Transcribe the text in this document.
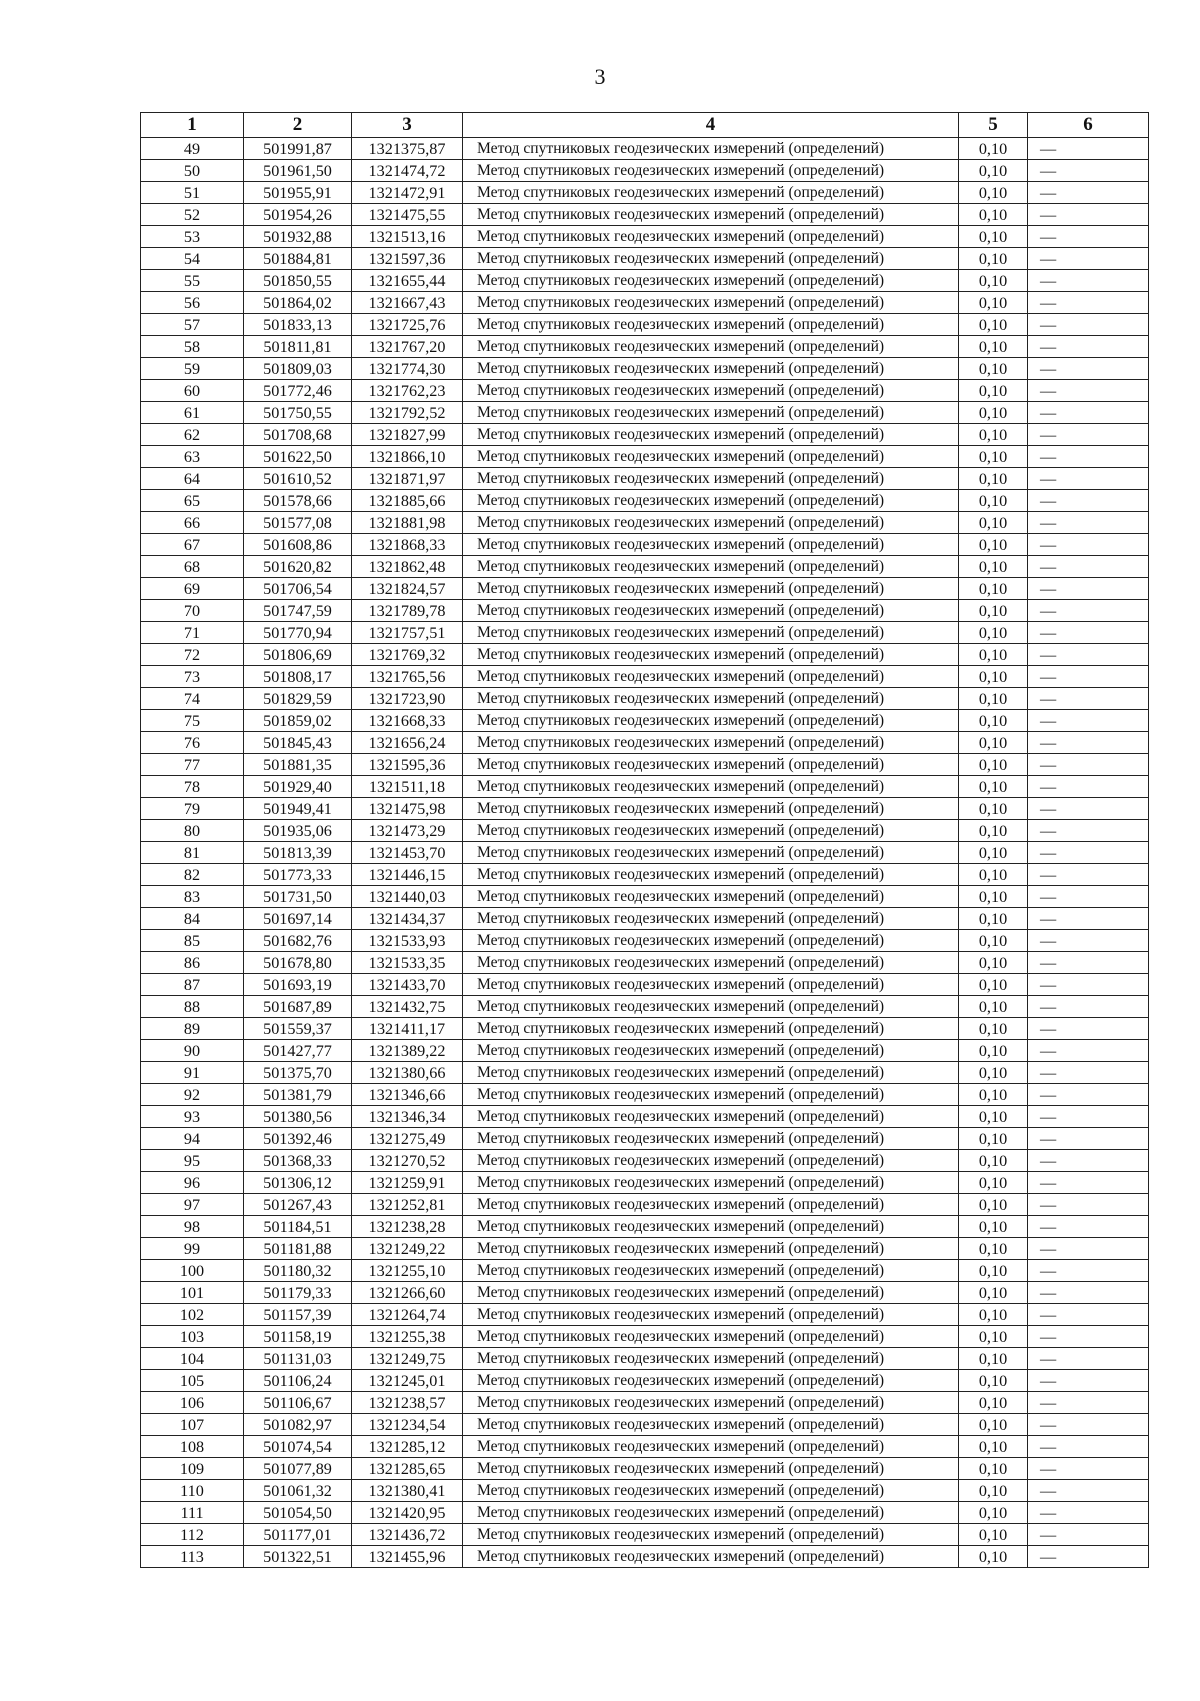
3
1	2	3	4	5	6
49	501991,87	1321375,87	Метод спутниковых геодезических измерений (определений)	0,10	—
50	501961,50	1321474,72	Метод спутниковых геодезических измерений (определений)	0,10	—
51	501955,91	1321472,91	Метод спутниковых геодезических измерений (определений)	0,10	—
52	501954,26	1321475,55	Метод спутниковых геодезических измерений (определений)	0,10	—
53	501932,88	1321513,16	Метод спутниковых геодезических измерений (определений)	0,10	—
54	501884,81	1321597,36	Метод спутниковых геодезических измерений (определений)	0,10	—
55	501850,55	1321655,44	Метод спутниковых геодезических измерений (определений)	0,10	—
56	501864,02	1321667,43	Метод спутниковых геодезических измерений (определений)	0,10	—
57	501833,13	1321725,76	Метод спутниковых геодезических измерений (определений)	0,10	—
58	501811,81	1321767,20	Метод спутниковых геодезических измерений (определений)	0,10	—
59	501809,03	1321774,30	Метод спутниковых геодезических измерений (определений)	0,10	—
60	501772,46	1321762,23	Метод спутниковых геодезических измерений (определений)	0,10	—
61	501750,55	1321792,52	Метод спутниковых геодезических измерений (определений)	0,10	—
62	501708,68	1321827,99	Метод спутниковых геодезических измерений (определений)	0,10	—
63	501622,50	1321866,10	Метод спутниковых геодезических измерений (определений)	0,10	—
64	501610,52	1321871,97	Метод спутниковых геодезических измерений (определений)	0,10	—
65	501578,66	1321885,66	Метод спутниковых геодезических измерений (определений)	0,10	—
66	501577,08	1321881,98	Метод спутниковых геодезических измерений (определений)	0,10	—
67	501608,86	1321868,33	Метод спутниковых геодезических измерений (определений)	0,10	—
68	501620,82	1321862,48	Метод спутниковых геодезических измерений (определений)	0,10	—
69	501706,54	1321824,57	Метод спутниковых геодезических измерений (определений)	0,10	—
70	501747,59	1321789,78	Метод спутниковых геодезических измерений (определений)	0,10	—
71	501770,94	1321757,51	Метод спутниковых геодезических измерений (определений)	0,10	—
72	501806,69	1321769,32	Метод спутниковых геодезических измерений (определений)	0,10	—
73	501808,17	1321765,56	Метод спутниковых геодезических измерений (определений)	0,10	—
74	501829,59	1321723,90	Метод спутниковых геодезических измерений (определений)	0,10	—
75	501859,02	1321668,33	Метод спутниковых геодезических измерений (определений)	0,10	—
76	501845,43	1321656,24	Метод спутниковых геодезических измерений (определений)	0,10	—
77	501881,35	1321595,36	Метод спутниковых геодезических измерений (определений)	0,10	—
78	501929,40	1321511,18	Метод спутниковых геодезических измерений (определений)	0,10	—
79	501949,41	1321475,98	Метод спутниковых геодезических измерений (определений)	0,10	—
80	501935,06	1321473,29	Метод спутниковых геодезических измерений (определений)	0,10	—
81	501813,39	1321453,70	Метод спутниковых геодезических измерений (определений)	0,10	—
82	501773,33	1321446,15	Метод спутниковых геодезических измерений (определений)	0,10	—
83	501731,50	1321440,03	Метод спутниковых геодезических измерений (определений)	0,10	—
84	501697,14	1321434,37	Метод спутниковых геодезических измерений (определений)	0,10	—
85	501682,76	1321533,93	Метод спутниковых геодезических измерений (определений)	0,10	—
86	501678,80	1321533,35	Метод спутниковых геодезических измерений (определений)	0,10	—
87	501693,19	1321433,70	Метод спутниковых геодезических измерений (определений)	0,10	—
88	501687,89	1321432,75	Метод спутниковых геодезических измерений (определений)	0,10	—
89	501559,37	1321411,17	Метод спутниковых геодезических измерений (определений)	0,10	—
90	501427,77	1321389,22	Метод спутниковых геодезических измерений (определений)	0,10	—
91	501375,70	1321380,66	Метод спутниковых геодезических измерений (определений)	0,10	—
92	501381,79	1321346,66	Метод спутниковых геодезических измерений (определений)	0,10	—
93	501380,56	1321346,34	Метод спутниковых геодезических измерений (определений)	0,10	—
94	501392,46	1321275,49	Метод спутниковых геодезических измерений (определений)	0,10	—
95	501368,33	1321270,52	Метод спутниковых геодезических измерений (определений)	0,10	—
96	501306,12	1321259,91	Метод спутниковых геодезических измерений (определений)	0,10	—
97	501267,43	1321252,81	Метод спутниковых геодезических измерений (определений)	0,10	—
98	501184,51	1321238,28	Метод спутниковых геодезических измерений (определений)	0,10	—
99	501181,88	1321249,22	Метод спутниковых геодезических измерений (определений)	0,10	—
100	501180,32	1321255,10	Метод спутниковых геодезических измерений (определений)	0,10	—
101	501179,33	1321266,60	Метод спутниковых геодезических измерений (определений)	0,10	—
102	501157,39	1321264,74	Метод спутниковых геодезических измерений (определений)	0,10	—
103	501158,19	1321255,38	Метод спутниковых геодезических измерений (определений)	0,10	—
104	501131,03	1321249,75	Метод спутниковых геодезических измерений (определений)	0,10	—
105	501106,24	1321245,01	Метод спутниковых геодезических измерений (определений)	0,10	—
106	501106,67	1321238,57	Метод спутниковых геодезических измерений (определений)	0,10	—
107	501082,97	1321234,54	Метод спутниковых геодезических измерений (определений)	0,10	—
108	501074,54	1321285,12	Метод спутниковых геодезических измерений (определений)	0,10	—
109	501077,89	1321285,65	Метод спутниковых геодезических измерений (определений)	0,10	—
110	501061,32	1321380,41	Метод спутниковых геодезических измерений (определений)	0,10	—
111	501054,50	1321420,95	Метод спутниковых геодезических измерений (определений)	0,10	—
112	501177,01	1321436,72	Метод спутниковых геодезических измерений (определений)	0,10	—
113	501322,51	1321455,96	Метод спутниковых геодезических измерений (определений)	0,10	—
